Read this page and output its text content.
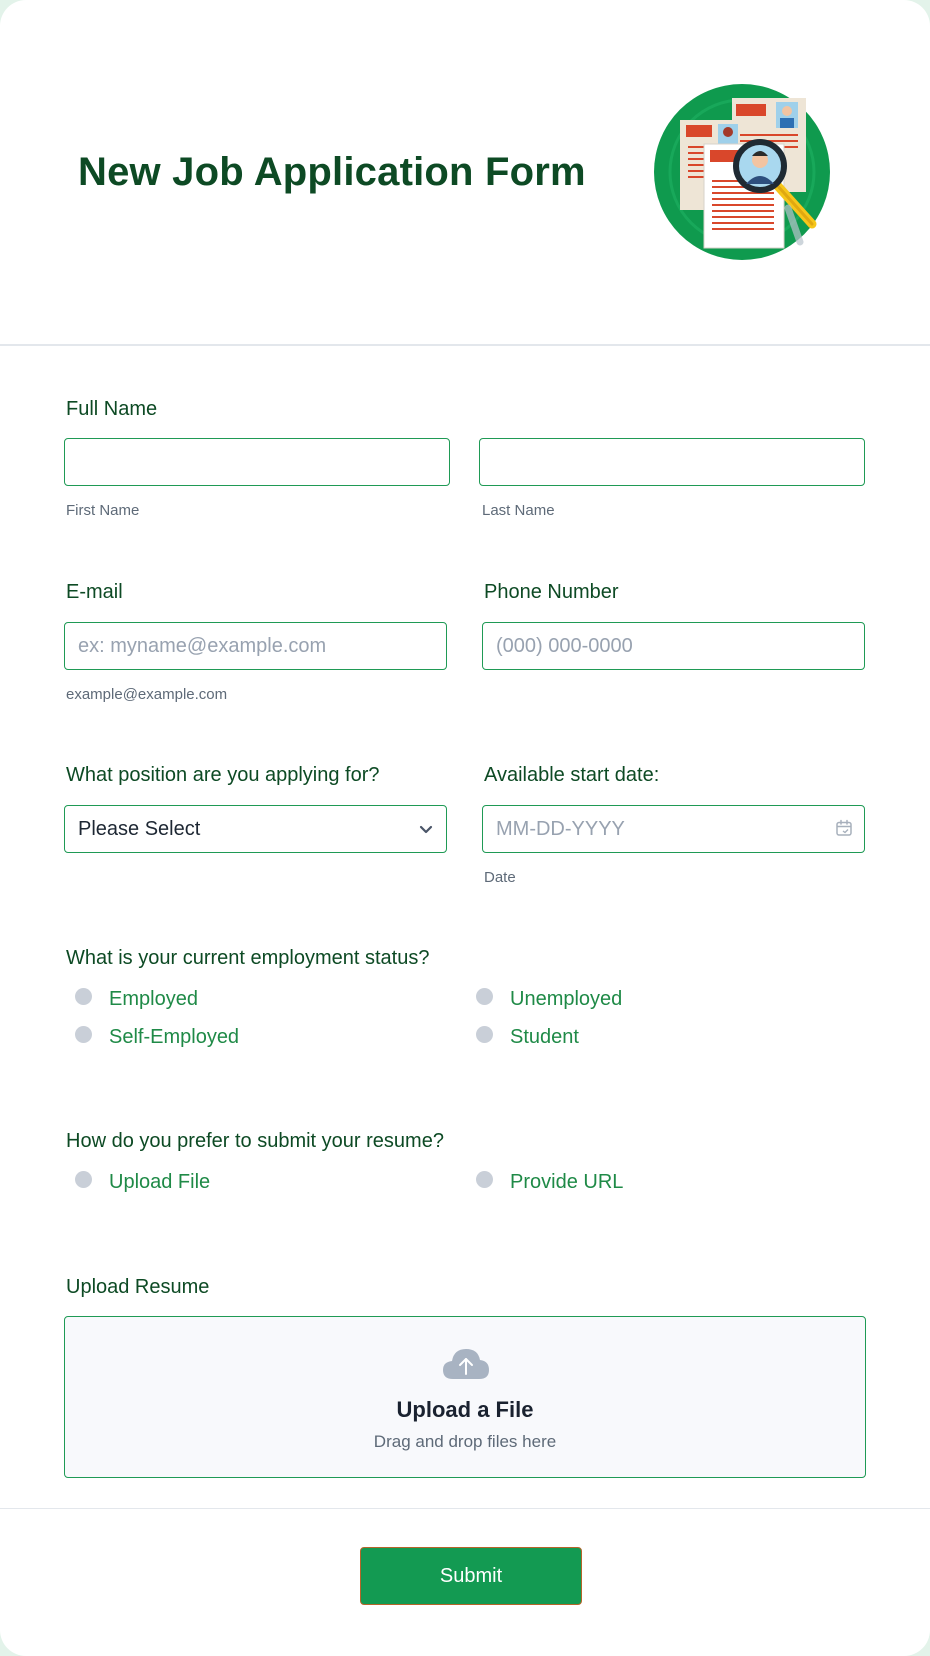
New Job Application Form
Full Name
First Name	Last Name
E-mail	Phone Number
ex: myname@example.com
(000) 000-0000
example@example.com
What position are you applying for?	Available start date:
Please Select
MM-DD-YYYY
Date
What is your current employment status?
Employed	Unemployed
Self-Employed	Student
How do you prefer to submit your resume?
Upload File	Provide URL
Upload Resume
Upload a File
Drag and drop files here
Submit
